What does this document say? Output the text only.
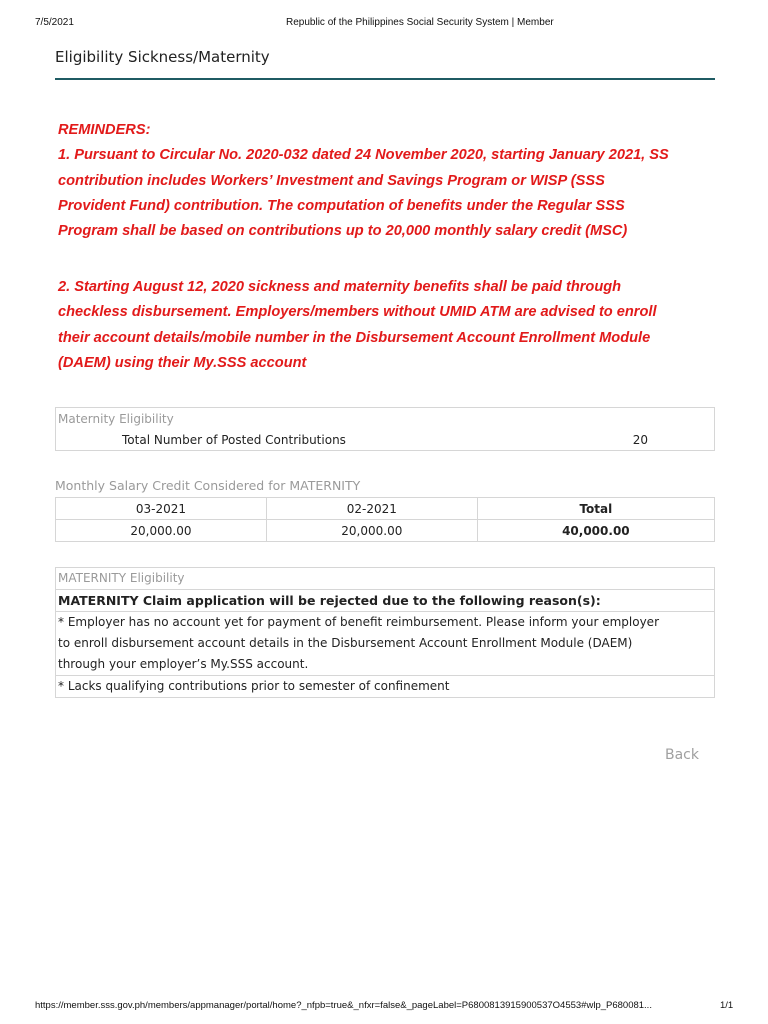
7/5/2021	Republic of the Philippines Social Security System | Member
Eligibility Sickness/Maternity
REMINDERS:
1. Pursuant to Circular No. 2020-032 dated 24 November 2020, starting January 2021, SS
contribution includes Workers’ Investment and Savings Program or WISP (SSS
Provident Fund) contribution. The computation of benefits under the Regular SSS
Program shall be based on contributions up to 20,000 monthly salary credit (MSC)
2. Starting August 12, 2020 sickness and maternity benefits shall be paid through
checkless disbursement. Employers/members without UMID ATM are advised to enroll
their account details/mobile number in the Disbursement Account Enrollment Module
(DAEM) using their My.SSS account
Maternity Eligibility
Total Number of Posted Contributions	20
Monthly Salary Credit Considered for MATERNITY
03-2021	02-2021	Total
20,000.00	20,000.00	40,000.00
MATERNITY Eligibility
MATERNITY Claim application will be rejected due to the following reason(s):

* Employer has no account yet for payment of benefit reimbursement. Please inform your employer
to enroll disbursement account details in the Disbursement Account Enrollment Module (DAEM)
through your employer’s My.SSS account.

* Lacks qualifying contributions prior to semester of confinement
Back
https://member.sss.gov.ph/members/appmanager/portal/home?_nfpb=true&_nfxr=false&_pageLabel=P6800813915900537O4553#wlp_P680081...	1/1
